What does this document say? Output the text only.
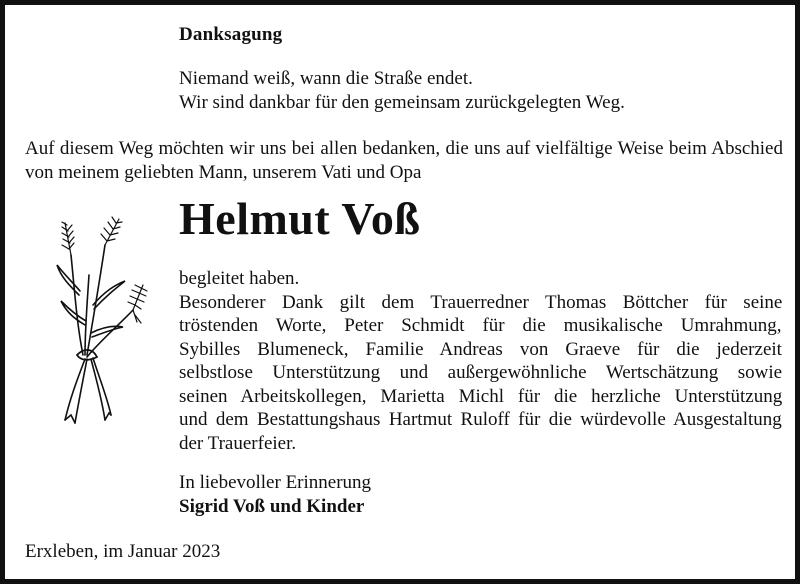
Danksagung
Niemand weiß, wann die Straße endet.
Wir sind dankbar für den gemeinsam zurückgelegten Weg.
Auf diesem Weg möchten wir uns bei allen bedanken, die uns auf vielfältige Weise beim Abschied von meinem geliebten Mann, unserem Vati und Opa
Helmut Voß
begleitet haben.
Besonderer Dank gilt dem Trauerredner Thomas Böttcher für seine
tröstenden Worte, Peter Schmidt für die musikalische Umrahmung,
Sybilles Blumeneck, Familie Andreas von Graeve für die jederzeit
selbstlose Unterstützung und außergewöhnliche Wertschätzung sowie
seinen Arbeitskollegen, Marietta Michl für die herzliche Unterstützung
und dem Bestattungshaus Hartmut Ruloff für die würdevolle Ausgestaltung
der Trauerfeier.
In liebevoller Erinnerung
Sigrid Voß und Kinder
Erxleben, im Januar 2023
